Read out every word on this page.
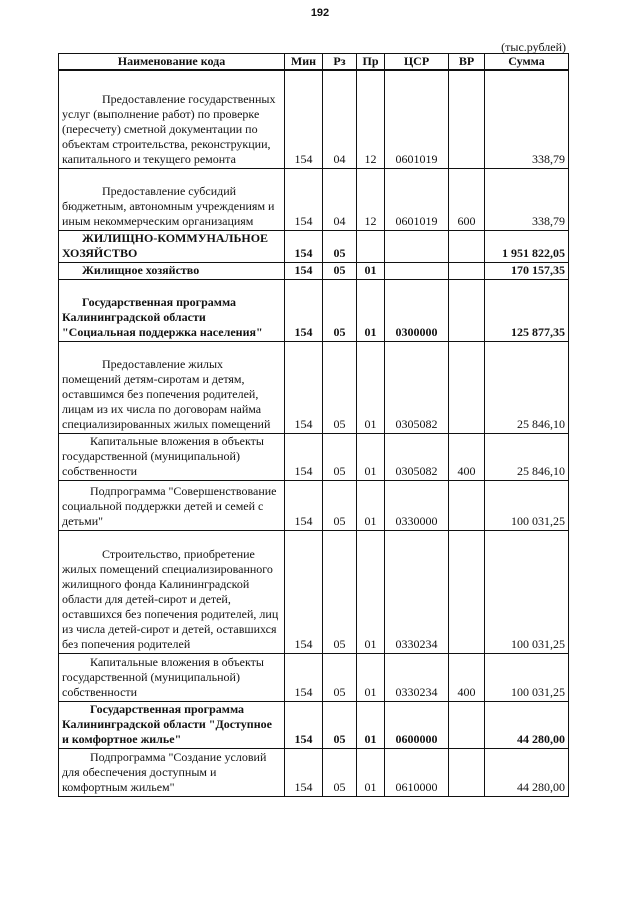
192
(тыс.рублей)
Наименование кода	Мин	Рз	Пр	ЦСР	ВР	Сумма
Предоставление государственных услуг (выполнение работ) по проверке (пересчету) сметной документации по объектам строительства, реконструкции, капитального и текущего ремонта	154	04	12	0601019		338,79
Предоставление субсидий бюджетным, автономным учреждениям и иным некоммерческим организациям	154	04	12	0601019	600	338,79
ЖИЛИЩНО-КОММУНАЛЬНОЕ ХОЗЯЙСТВО	154	05				1 951 822,05
Жилищное хозяйство	154	05	01			170 157,35
Государственная программа Калининградской области "Социальная поддержка населения"	154	05	01	0300000		125 877,35
Предоставление жилых помещений детям-сиротам и детям, оставшимся без попечения родителей, лицам из их числа по договорам найма специализированных жилых помещений	154	05	01	0305082		25 846,10
Капитальные вложения в объекты государственной (муниципальной) собственности	154	05	01	0305082	400	25 846,10
Подпрограмма "Совершенствование социальной поддержки детей и семей с детьми"	154	05	01	0330000		100 031,25
Строительство, приобретение жилых помещений специализированного жилищного фонда Калининградской области для детей-сирот и детей, оставшихся без попечения родителей, лиц из числа детей-сирот и детей, оставшихся без попечения родителей	154	05	01	0330234		100 031,25
Капитальные вложения в объекты государственной (муниципальной) собственности	154	05	01	0330234	400	100 031,25
Государственная программа Калининградской области "Доступное и комфортное жилье"	154	05	01	0600000		44 280,00
Подпрограмма "Создание условий для обеспечения доступным и комфортным жильем"	154	05	01	0610000		44 280,00
